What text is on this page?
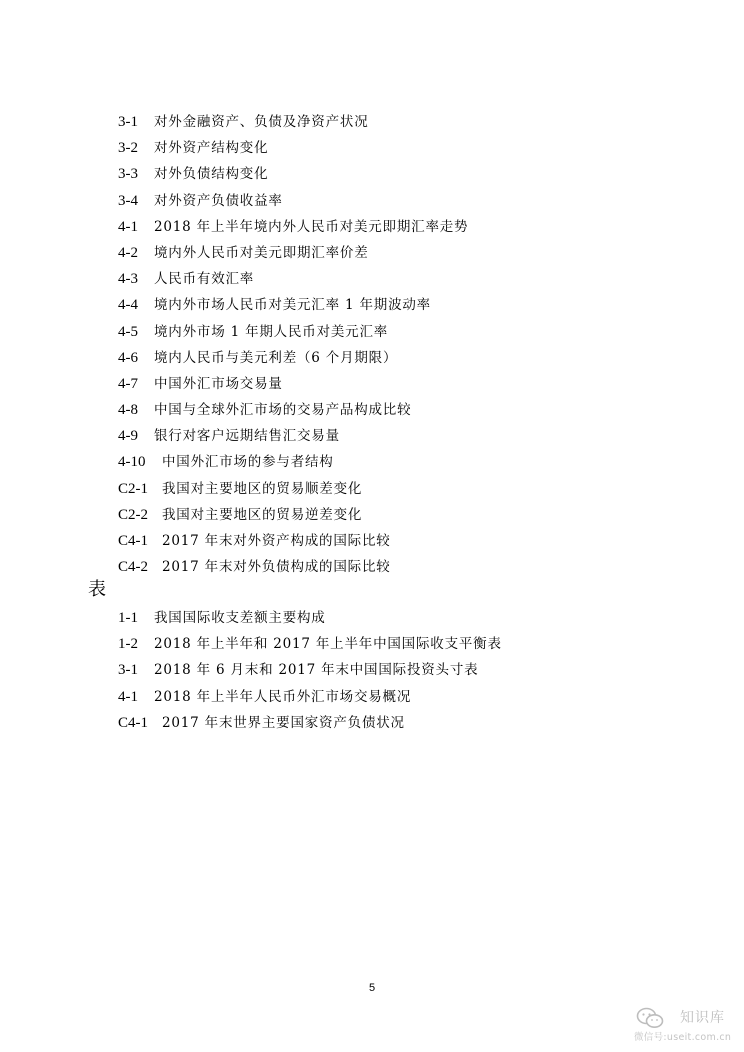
3-1	对外金融资产、负债及净资产状况
3-2	对外资产结构变化
3-3	对外负债结构变化
3-4	对外资产负债收益率
4-1	2018 年上半年境内外人民币对美元即期汇率走势
4-2	境内外人民币对美元即期汇率价差
4-3	人民币有效汇率
4-4	境内外市场人民币对美元汇率 1 年期波动率
4-5	境内外市场 1 年期人民币对美元汇率
4-6	境内人民币与美元利差（6 个月期限）
4-7	中国外汇市场交易量
4-8	中国与全球外汇市场的交易产品构成比较
4-9	银行对客户远期结售汇交易量
4-10	中国外汇市场的参与者结构
C2-1	我国对主要地区的贸易顺差变化
C2-2	我国对主要地区的贸易逆差变化
C4-1	2017 年末对外资产构成的国际比较
C4-2	2017 年末对外负债构成的国际比较
表
1-1	我国国际收支差额主要构成
1-2	2018 年上半年和 2017 年上半年中国国际收支平衡表
3-1	2018 年 6 月末和 2017 年末中国国际投资头寸表
4-1	2018 年上半年人民币外汇市场交易概况
C4-1	2017 年末世界主要国家资产负债状况
5
知识库
微信号:useit.com.cn
